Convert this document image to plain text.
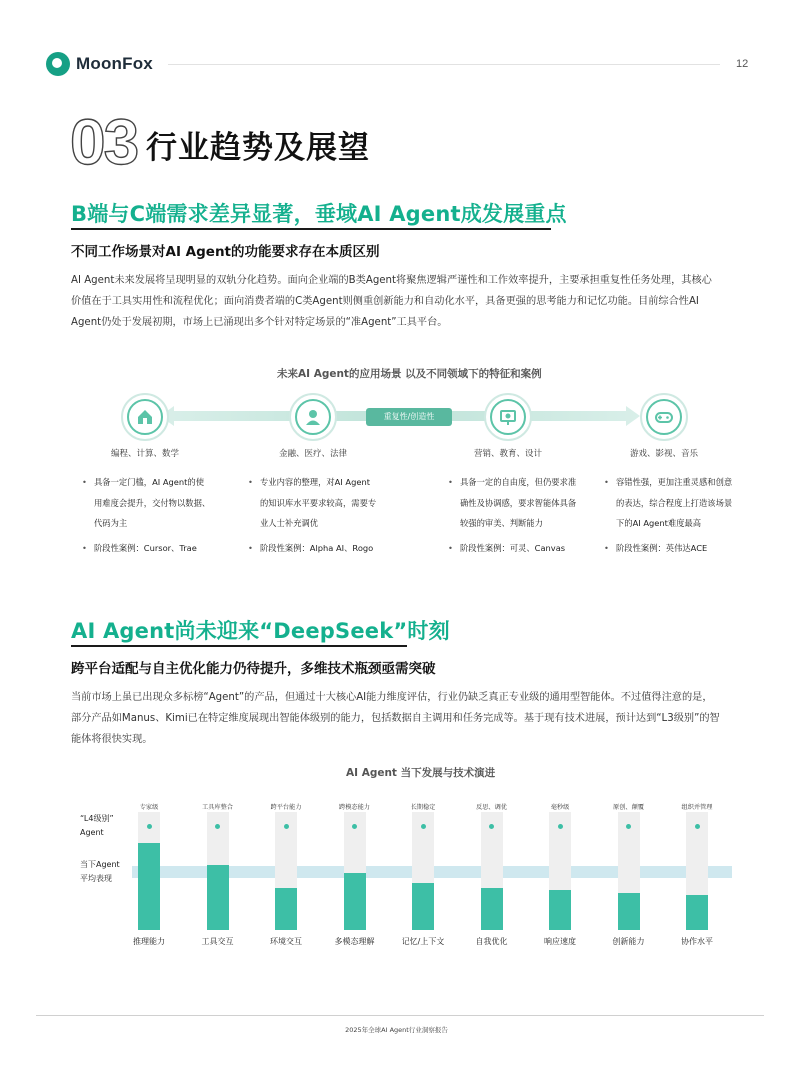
MoonFox	12
03 行业趋势及展望
B端与C端需求差异显著，垂域AI Agent成发展重点
不同工作场景对AI Agent的功能要求存在本质区别
AI Agent未来发展将呈现明显的双轨分化趋势。面向企业端的B类Agent将聚焦逻辑严谨性和工作效率提升，主要承担重复性任务处理，其核心价值在于工具实用性和流程优化；面向消费者端的C类Agent则侧重创新能力和自动化水平，具备更强的思考能力和记忆功能。目前综合性AI Agent仍处于发展初期，市场上已涌现出多个针对特定场景的“准Agent”工具平台。
未来AI Agent的应用场景 以及不同领域下的特征和案例
重复性/创造性
编程、计算、数学	金融、医疗、法律	营销、教育、设计	游戏、影视、音乐
• 具备一定门槛，AI Agent的使用难度会提升，交付物以数据、代码为主
• 阶段性案例：Cursor、Trae
• 专业内容的整理，对AI Agent的知识库水平要求较高，需要专业人士补充调优
• 阶段性案例：Alpha AI、Rogo
• 具备一定的自由度，但仍要求准确性及协调感，要求智能体具备较强的审美、判断能力
• 阶段性案例：可灵、Canvas
• 容错性强，更加注重灵感和创意的表达，综合程度上打造该场景下的AI Agent难度最高
• 阶段性案例：英伟达ACE
AI Agent尚未迎来“DeepSeek”时刻
跨平台适配与自主优化能力仍待提升，多维技术瓶颈亟需突破
当前市场上虽已出现众多标榜“Agent”的产品，但通过十大核心AI能力维度评估，行业仍缺乏真正专业级的通用型智能体。不过值得注意的是，部分产品如Manus、Kimi已在特定维度展现出智能体级别的能力，包括数据自主调用和任务完成等。基于现有技术进展，预计达到“L3级别”的智能体将很快实现。
AI Agent 当下发展与技术演进
“L4级别”
Agent
当下Agent
平均表现
专家级
推理能力
工具库整合
工具交互
跨平台能力
环境交互
跨模态能力
多模态理解
长期稳定
记忆/上下文
反思、调优
自我优化
毫秒级
响应速度
原创、颠覆
创新能力
组织并管理
协作水平
2025年全球AI Agent行业洞察报告
